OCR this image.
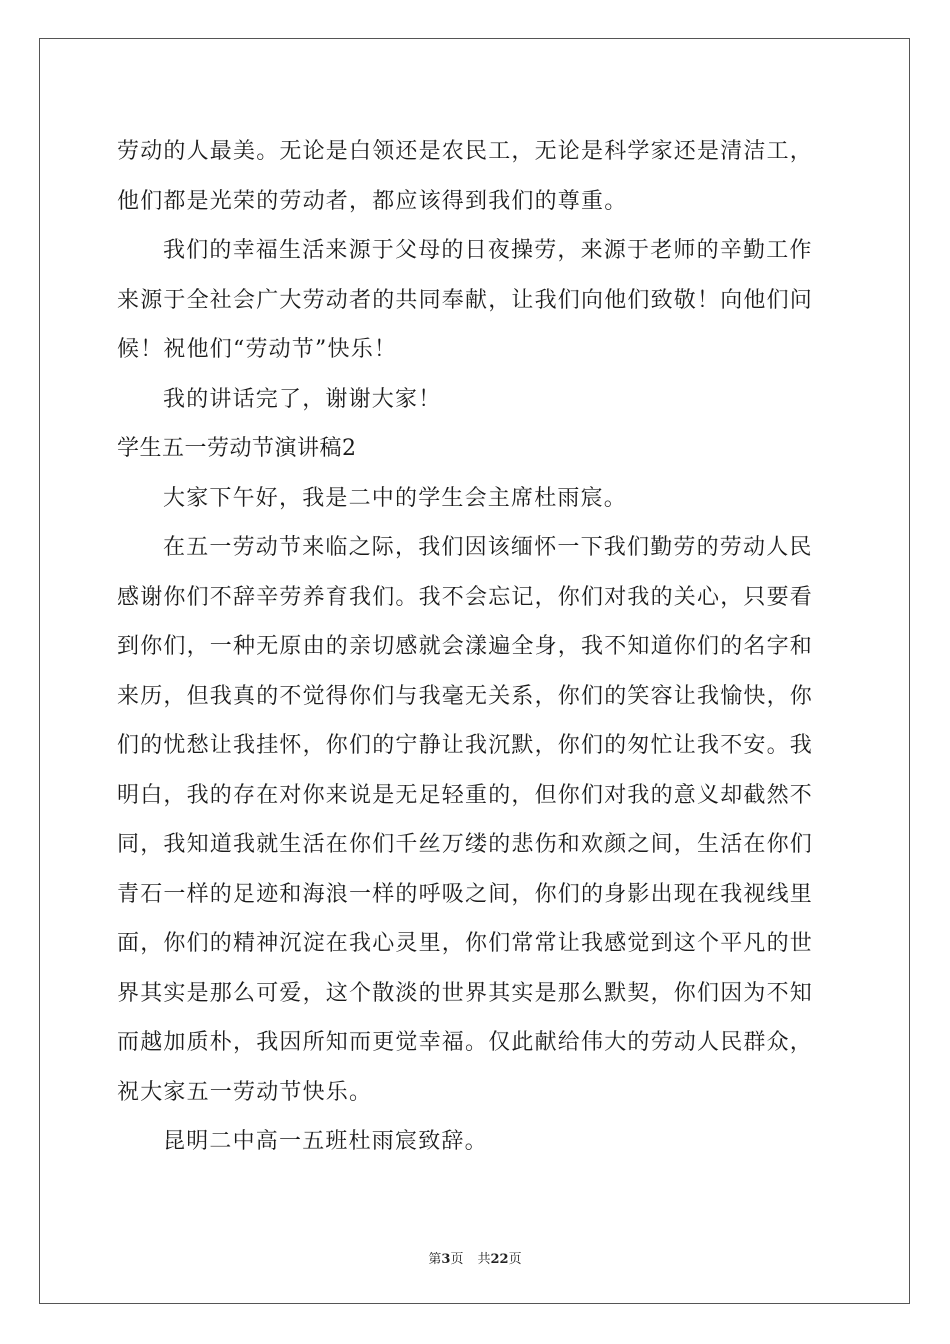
劳动的人最美。无论是白领还是农民工，无论是科学家还是清洁工，
他们都是光荣的劳动者，都应该得到我们的尊重。
我们的幸福生活来源于父母的日夜操劳，来源于老师的辛勤工作
来源于全社会广大劳动者的共同奉献，让我们向他们致敬！向他们问
候！祝他们“劳动节”快乐！
我的讲话完了，谢谢大家！
学生五一劳动节演讲稿2
大家下午好，我是二中的学生会主席杜雨宸。
在五一劳动节来临之际，我们因该缅怀一下我们勤劳的劳动人民
感谢你们不辞辛劳养育我们。我不会忘记，你们对我的关心，只要看
到你们，一种无原由的亲切感就会漾遍全身，我不知道你们的名字和
来历，但我真的不觉得你们与我毫无关系，你们的笑容让我愉快，你
们的忧愁让我挂怀，你们的宁静让我沉默，你们的匆忙让我不安。我
明白，我的存在对你来说是无足轻重的，但你们对我的意义却截然不
同，我知道我就生活在你们千丝万缕的悲伤和欢颜之间，生活在你们
青石一样的足迹和海浪一样的呼吸之间，你们的身影出现在我视线里
面，你们的精神沉淀在我心灵里，你们常常让我感觉到这个平凡的世
界其实是那么可爱，这个散淡的世界其实是那么默契，你们因为不知
而越加质朴，我因所知而更觉幸福。仅此献给伟大的劳动人民群众，
祝大家五一劳动节快乐。
昆明二中高一五班杜雨宸致辞。
第3页 共22页
